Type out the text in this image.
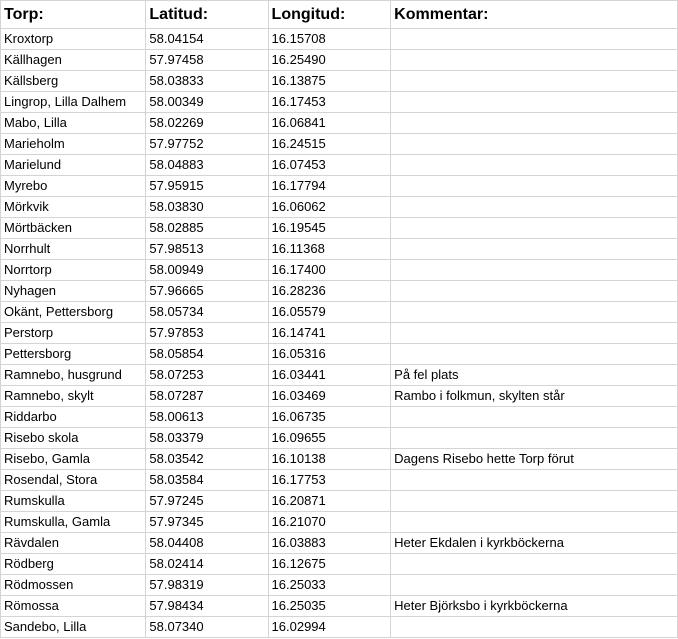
Torp:	Latitud:	Longitud:	Kommentar:
Kroxtorp	58.04154	16.15708	
Källhagen	57.97458	16.25490	
Källsberg	58.03833	16.13875	
Lingrop, Lilla Dalhem	58.00349	16.17453	
Mabo, Lilla	58.02269	16.06841	
Marieholm	57.97752	16.24515	
Marielund	58.04883	16.07453	
Myrebo	57.95915	16.17794	
Mörkvik	58.03830	16.06062	
Mörtbäcken	58.02885	16.19545	
Norrhult	57.98513	16.11368	
Norrtorp	58.00949	16.17400	
Nyhagen	57.96665	16.28236	
Okänt, Pettersborg	58.05734	16.05579	
Perstorp	57.97853	16.14741	
Pettersborg	58.05854	16.05316	
Ramnebo, husgrund	58.07253	16.03441	På fel plats
Ramnebo, skylt	58.07287	16.03469	Rambo i folkmun, skylten står
Riddarbo	58.00613	16.06735	
Risebo skola	58.03379	16.09655	
Risebo, Gamla	58.03542	16.10138	Dagens Risebo hette Torp förut
Rosendal, Stora	58.03584	16.17753	
Rumskulla	57.97245	16.20871	
Rumskulla, Gamla	57.97345	16.21070	
Rävdalen	58.04408	16.03883	Heter Ekdalen i kyrkböckerna
Rödberg	58.02414	16.12675	
Rödmossen	57.98319	16.25033	
Römossa	57.98434	16.25035	Heter Björksbo i kyrkböckerna
Sandebo, Lilla	58.07340	16.02994	
